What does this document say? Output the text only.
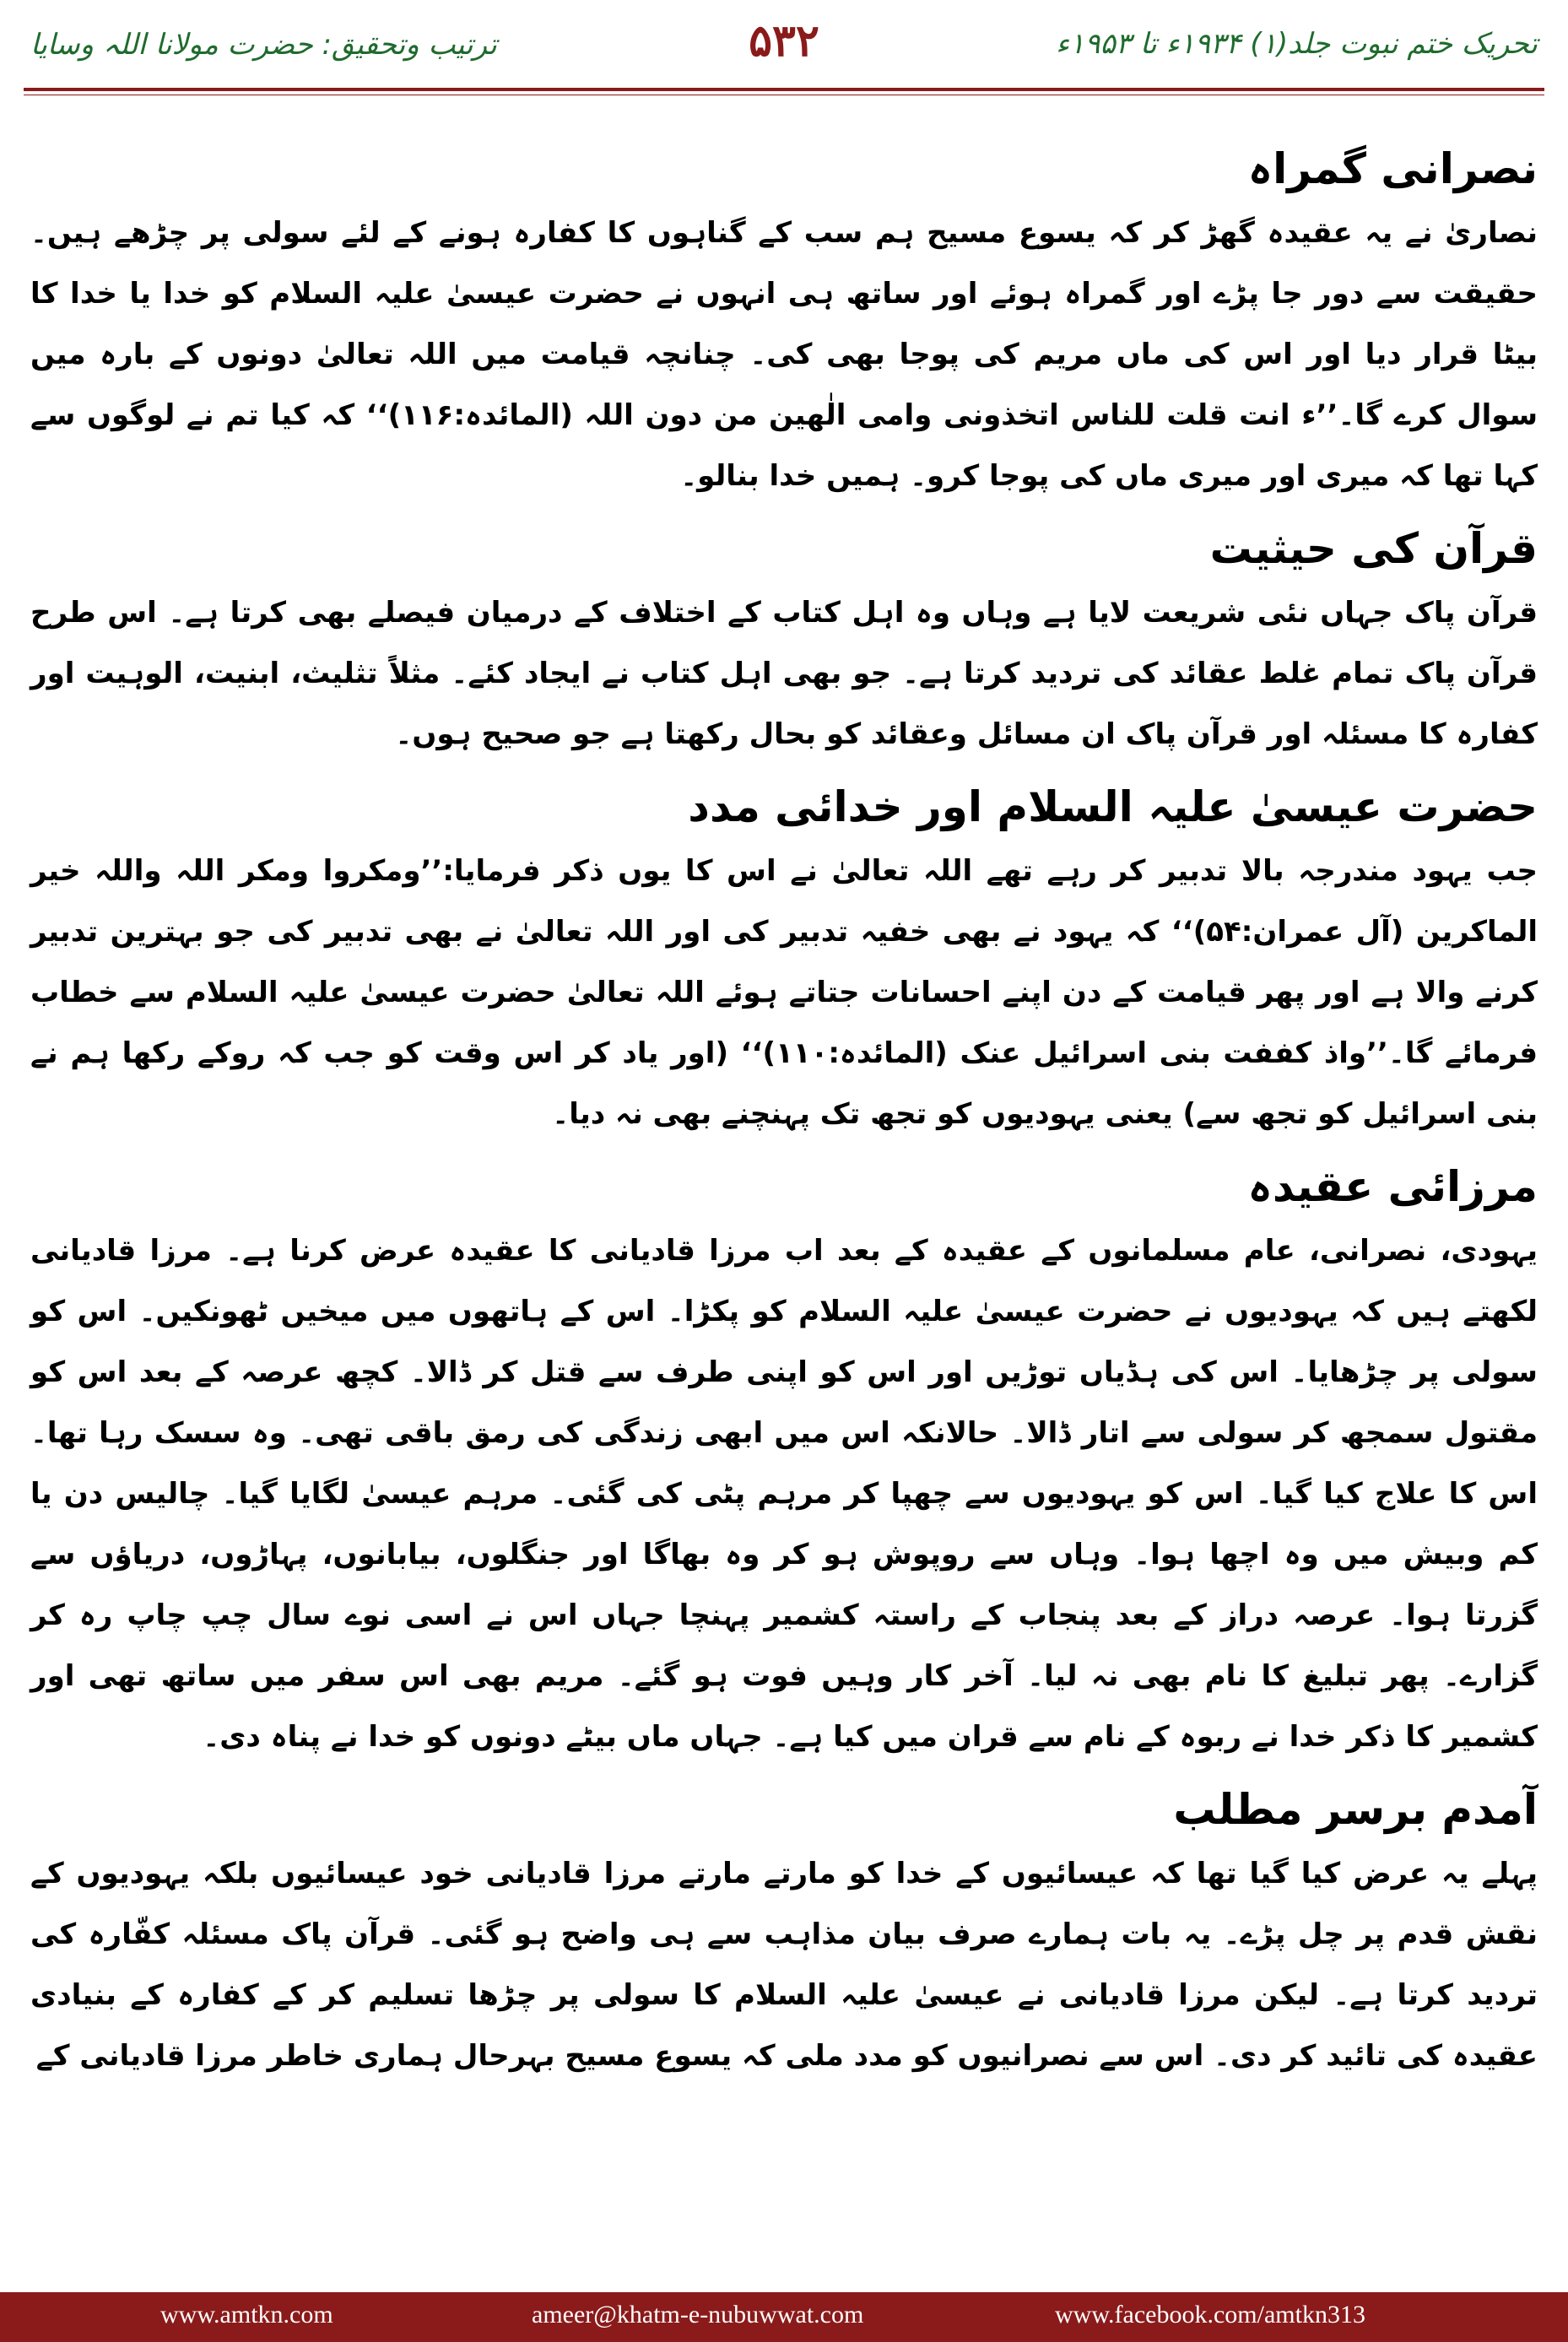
ترتیب وتحقیق: حضرت مولانا اللہ وسایا	۵۳۲	تحریک ختم نبوت جلد(۱) ۱۹۳۴ء تا ۱۹۵۳ء
نصرانی گمراہ

نصاریٰ نے یہ عقیدہ گھڑ کر کہ یسوع مسیح ہم سب کے گناہوں کا کفارہ ہونے کے لئے سولی پر چڑھے ہیں۔ حقیقت سے دور جا پڑے اور گمراہ ہوئے اور ساتھ ہی انہوں نے حضرت عیسیٰ علیہ السلام کو خدا یا خدا کا بیٹا قرار دیا اور اس کی ماں مریم کی پوجا بھی کی۔ چنانچہ قیامت میں اللہ تعالیٰ دونوں کے بارہ میں سوال کرے گا۔’’ء انت قلت للناس اتخذونی وامی الٰھین من دون اللہ (المائدہ:۱۱۶)‘‘ کہ کیا تم نے لوگوں سے کہا تھا کہ میری اور میری ماں کی پوجا کرو۔ ہمیں خدا بنالو۔

قرآن کی حیثیت

قرآن پاک جہاں نئی شریعت لایا ہے وہاں وہ اہل کتاب کے اختلاف کے درمیان فیصلے بھی کرتا ہے۔ اس طرح قرآن پاک تمام غلط عقائد کی تردید کرتا ہے۔ جو بھی اہل کتاب نے ایجاد کئے۔ مثلاً تثلیث، ابنیت، الوہیت اور کفارہ کا مسئلہ اور قرآن پاک ان مسائل وعقائد کو بحال رکھتا ہے جو صحیح ہوں۔

حضرت عیسیٰ علیہ السلام اور خدائی مدد

جب یہود مندرجہ بالا تدبیر کر رہے تھے اللہ تعالیٰ نے اس کا یوں ذکر فرمایا:’’ومکروا ومکر اللہ واللہ خیر الماکرین (آل عمران:۵۴)‘‘ کہ یہود نے بھی خفیہ تدبیر کی اور اللہ تعالیٰ نے بھی تدبیر کی جو بہترین تدبیر کرنے والا ہے اور پھر قیامت کے دن اپنے احسانات جتاتے ہوئے اللہ تعالیٰ حضرت عیسیٰ علیہ السلام سے خطاب فرمائے گا۔’’واذ کففت بنی اسرائیل عنک (المائدہ:۱۱۰)‘‘ (اور یاد کر اس وقت کو جب کہ روکے رکھا ہم نے بنی اسرائیل کو تجھ سے) یعنی یہودیوں کو تجھ تک پہنچنے بھی نہ دیا۔

مرزائی عقیدہ

یہودی، نصرانی، عام مسلمانوں کے عقیدہ کے بعد اب مرزا قادیانی کا عقیدہ عرض کرنا ہے۔ مرزا قادیانی لکھتے ہیں کہ یہودیوں نے حضرت عیسیٰ علیہ السلام کو پکڑا۔ اس کے ہاتھوں میں میخیں ٹھونکیں۔ اس کو سولی پر چڑھایا۔ اس کی ہڈیاں توڑیں اور اس کو اپنی طرف سے قتل کر ڈالا۔ کچھ عرصہ کے بعد اس کو مقتول سمجھ کر سولی سے اتار ڈالا۔ حالانکہ اس میں ابھی زندگی کی رمق باقی تھی۔ وہ سسک رہا تھا۔ اس کا علاج کیا گیا۔ اس کو یہودیوں سے چھپا کر مرہم پٹی کی گئی۔ مرہم عیسیٰ لگایا گیا۔ چالیس دن یا کم وبیش میں وہ اچھا ہوا۔ وہاں سے روپوش ہو کر وہ بھاگا اور جنگلوں، بیابانوں، پہاڑوں، دریاؤں سے گزرتا ہوا۔ عرصہ دراز کے بعد پنجاب کے راستہ کشمیر پہنچا جہاں اس نے اسی نوے سال چپ چاپ رہ کر گزارے۔ پھر تبلیغ کا نام بھی نہ لیا۔ آخر کار وہیں فوت ہو گئے۔ مریم بھی اس سفر میں ساتھ تھی اور کشمیر کا ذکر خدا نے ربوہ کے نام سے قران میں کیا ہے۔ جہاں ماں بیٹے دونوں کو خدا نے پناہ دی۔

آمدم برسر مطلب

پہلے یہ عرض کیا گیا تھا کہ عیسائیوں کے خدا کو مارتے مارتے مرزا قادیانی خود عیسائیوں بلکہ یہودیوں کے نقش قدم پر چل پڑے۔ یہ بات ہمارے صرف بیان مذاہب سے ہی واضح ہو گئی۔ قرآن پاک مسئلہ کفّارہ کی تردید کرتا ہے۔ لیکن مرزا قادیانی نے عیسیٰ علیہ السلام کا سولی پر چڑھا تسلیم کر کے کفارہ کے بنیادی عقیدہ کی تائید کر دی۔ اس سے نصرانیوں کو مدد ملی کہ یسوع مسیح بہرحال ہماری خاطر مرزا قادیانی کے

www.amtkn.com	ameer@khatm-e-nubuwwat.com	www.facebook.com/amtkn313
